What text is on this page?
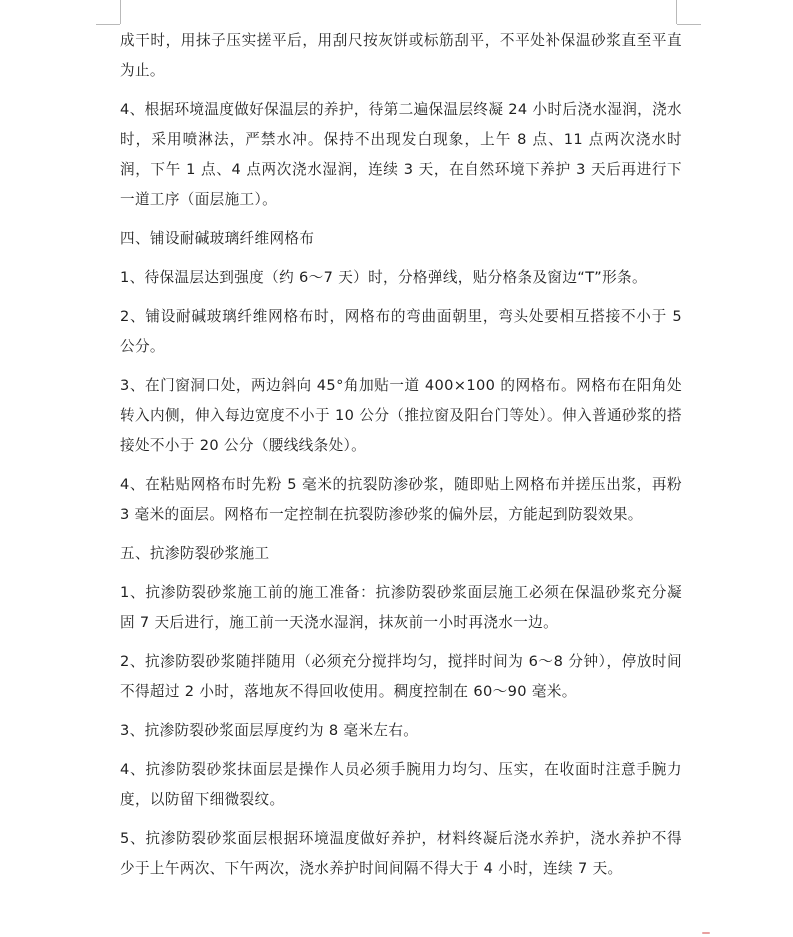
成干时，用抹子压实搓平后，用刮尺按灰饼或标筋刮平，不平处补保温砂浆直至平直为止。

4、根据环境温度做好保温层的养护，待第二遍保温层终凝 24 小时后浇水湿润，浇水时，采用喷淋法，严禁水冲。保持不出现发白现象，上午 8 点、11 点两次浇水时润，下午 1 点、4 点两次浇水湿润，连续 3 天，在自然环境下养护 3 天后再进行下一道工序（面层施工）。

四、铺设耐碱玻璃纤维网格布

1、待保温层达到强度（约 6～7 天）时，分格弹线，贴分格条及窗边“T”形条。

2、铺设耐碱玻璃纤维网格布时，网格布的弯曲面朝里，弯头处要相互搭接不小于 5 公分。

3、在门窗洞口处，两边斜向 45°角加贴一道 400×100 的网格布。网格布在阳角处转入内侧，伸入每边宽度不小于 10 公分（推拉窗及阳台门等处）。伸入普通砂浆的搭接处不小于 20 公分（腰线线条处）。

4、在粘贴网格布时先粉 5 毫米的抗裂防渗砂浆，随即贴上网格布并搓压出浆，再粉 3 毫米的面层。网格布一定控制在抗裂防渗砂浆的偏外层，方能起到防裂效果。

五、抗渗防裂砂浆施工

1、抗渗防裂砂浆施工前的施工准备：抗渗防裂砂浆面层施工必须在保温砂浆充分凝固 7 天后进行，施工前一天浇水湿润，抹灰前一小时再浇水一边。

2、抗渗防裂砂浆随拌随用（必须充分搅拌均匀，搅拌时间为 6～8 分钟），停放时间不得超过 2 小时，落地灰不得回收使用。稠度控制在 60～90 毫米。

3、抗渗防裂砂浆面层厚度约为 8 毫米左右。

4、抗渗防裂砂浆抹面层是操作人员必须手腕用力均匀、压实，在收面时注意手腕力度，以防留下细微裂纹。

5、抗渗防裂砂浆面层根据环境温度做好养护，材料终凝后浇水养护，浇水养护不得少于上午两次、下午两次，浇水养护时间间隔不得大于 4 小时，连续 7 天。
